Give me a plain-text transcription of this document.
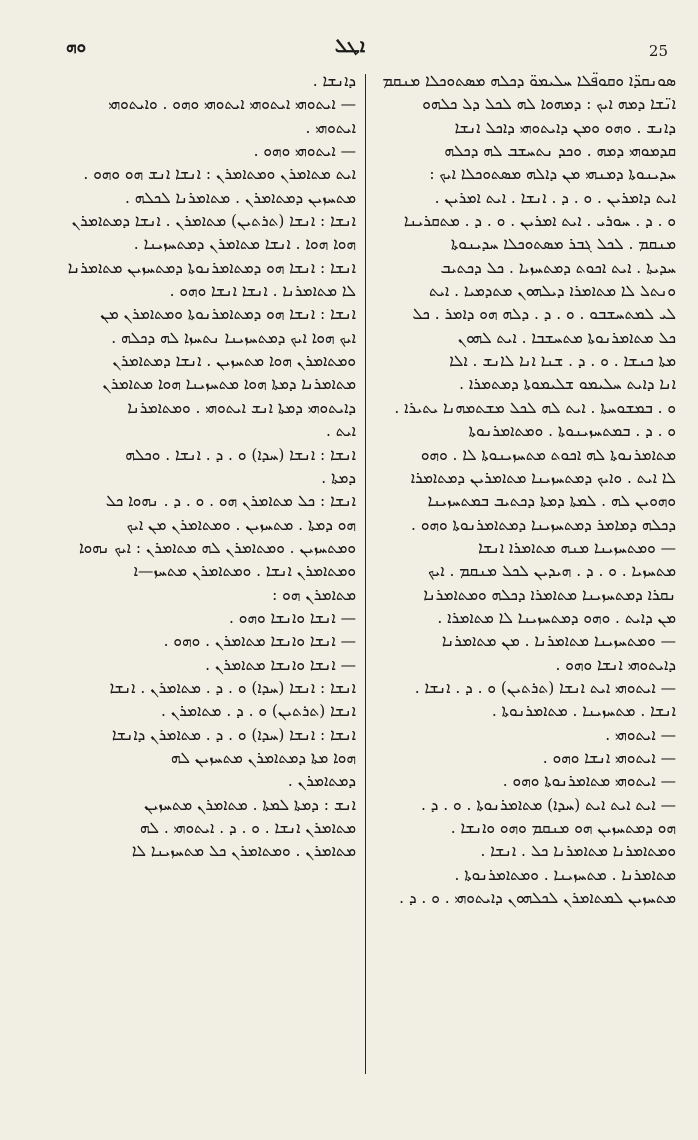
ܘܗ	ܐܛܠ	25

ܣܘܢܩܕ̈ܐ ܘܩܘܦ̈ܠܐ ܚܠܝܡܘ̈ ܕܟܠܗ ܡܣܬܘܟܠܐ ܡܢܩܡ

ܐܢ̈ܫܐ ܕܡܗ ܐܝܟ : ܕܡܗܘܐ ܠܗ ܠܟܠ ܕܠ ܟܠܗܘ

ܕܐܢܫ . ܘܗܘ ܘܡܢ ܕܐܝܬܘܗܝ ܕܐܟܠ ܐܢܫܐ

ܩܕܡܘܗܝ ܕܡܗ . ܘܟܕ ܢܬܚܫܒ ܠܗ ܕܟܠܗ

ܚܕܝܢܘܬܐ ܕܡܢܗܝ ܡܢ ܕܐܠܗ ܡܣܬܘܟܠܐ ܐܝܟ :

ܐܝܬ ܕܐܡܪܝܢ . ܘ . ܕ . ܐܢܫܐ . ܐܝܬ ܐܡܪܝܢ .

ܘ . ܕ . ܚܘܪܝ . ܐܝܬ ܐܡܪܝܢ . ܘ . ܕ . ܡܬܩܪܝܢܐ

ܡܢܩܡ . ܠܟܠ ܓܒܪ ܡܣܬܘܟܠܐ ܚܕܝܢܘܬܐ

ܚܕܝܬܐ . ܐܝܬ ܐܟܘܬ ܕܡܬܚܙܝܐ . ܟܠ ܕܟܬܝܒ

ܘܢܬܠ ܠܐ ܡܬܐܡܪܐ ܕܝܠܗܘܢ ܡܬܕܡܝܐ . ܐܝܬ

ܠܝ ܠܡܬܚܫܒܘ . ܘ . ܕ . ܕܠܗ ܗܘ ܕܐܡܪ . ܟܠ

ܟܠ ܡܬܐܡܪܢܘܬܐ ܡܬܚܫܒܐ . ܐܝܬ ܠܗܘܢ

ܡܬܐ ܟܢܫܐ . ܘ . ܕ . ܫܢܐ ܐܢܐ ܠܐܢܫ . ܐܠܐ

ܐܢܐ ܕܐܝܬ ܚܠܝܡܘ ܫܠܝܡܘܬܐ ܕܡܬܡܪܐ .

ܘ . ܒܡܫܘܚܬܐ . ܐܝܬ ܠܗ ܠܟܠ ܡܫܬܡܗܢܐ ܝܬܝܪܐ .

ܘ . ܕ . ܒܡܬܚܙܝܢܘܬܐ . ܘܡܬܐܡܪܢܘܬܐ

ܡܬܐܡܪܢܘܬܐ ܠܗ ܐܟܘܬ ܡܬܚܙܝܢܘܬܐ ܠܐ . ܘܗܘ

ܠܐ ܐܝܬ . ܘܐܝܟ ܕܡܬܚܙܝܢܐ ܡܬܐܡܪܝܢ ܕܡܬܐܡܪܐ

ܘܗܘܝܢ ܠܗ . ܠܡܬܐ ܕܡܬܐ ܕܟܬܝܒ ܒܡܬܚܙܝܢܐ

ܕܟܠܗ ܕܡܐܡܪ ܕܡܬܚܙܝܢܐ ܕܡܬܐܡܪܢܘܬܐ ܘܗܘ .

— ܘܡܬܚܙܝܢܐ ܡܢܗ ܡܬܐܡܪܐ ܐܢܫܐ

ܡܬܚܙܝܐ . ܘ . ܕ . ܗܝܕܝܢ ܠܟܠ ܡܢܩܡ . ܐܝܟ

ܢܩܪܐ ܕܡܬܚܙܝܢܐ ܡܬܐܡܪܐ ܕܟܠܗ ܘܡܬܐܡܪܢܐ

ܡܢ ܕܐܝܬ . ܘܗܘ ܕܡܬܚܙܝܢܐ ܠܐ ܡܬܐܡܪܐ .

— ܘܡܬܚܙܝܢܐ ܡܬܐܡܪܢܐ . ܡܢ ܡܬܐܡܪܢܐ

ܕܐܝܬܘܗܝ ܐܢܫܐ ܘܗܘ .

— ܐܝܬܘܗܝ ܐܝܬ ܐܢܫܐ (ܬܪܬܝܢ) ܘ . ܕ . ܐܢܫܐ .

ܐܢܫܐ . ܡܬܚܙܝܢܐ . ܡܬܐܡܪܢܘܬܐ .

— ܐܝܬܘܗܝ .

— ܐܝܬܘܗܝ ܐܢܫܐ ܘܗܘ .

— ܐܝܬܘܗܝ ܡܬܐܡܪܢܘܬܐ ܘܗܘ .

— ܐܝܬ ܐܝܬ ܐܝܬ (ܚܕܐ) ܡܬܐܡܪܢܘܬܐ . ܘ . ܕ .

ܗܘ ܕܡܬܚܙܝܢ ܗܘ ܡܢܩܡ ܘܗܘ ܘܐܢܫܐ .

ܘܡܬܐܡܪܢܐ ܡܬܐܡܪܢܐ ܟܠ . ܐܢܫܐ .

ܡܬܐܡܪܢܐ . ܡܬܚܙܝܢܐ . ܘܡܬܐܡܪܢܘܬܐ .

ܡܬܚܙܝܢ ܠܡܬܐܡܪܢ ܠܟܠܗܘܢ ܕܐܝܬܘܗܝ . ܘ . ܕ .

ܕܐܢܫܐ .

— ܐܝܬܘܗܝ ܐܝܬܘܗܝ ܐܝܬܘܗܝ ܘܗܘ . ܘܐܝܬܘܗܝ

ܐܝܬܘܗܝ .

— ܐܝܬܘܗܝ ܘܗܘ .

ܐܝܬ ܡܬܐܡܪܢ ܘܡܬܐܡܪܢ : ܐܢܫܐ ܐܢܫ ܗܘ ܘܗܘ .

ܡܬܚܙܝܢ ܕܡܬܐܡܪܢ . ܡܬܐܡܪܢܐ ܠܟܠܗ .

ܐܢܫܐ : ܐܢܫܐ (ܬܪܬܝܢ) ܡܬܐܡܪܢ . ܐܢܫܐ ܕܡܬܐܡܪܢ

ܗܘܐ ܗܘܐ . ܐܢܫܐ ܡܬܐܡܪܢ ܕܡܬܚܙܝܢܐ .

ܐܢܫܐ : ܐܢܫܐ ܗܘ ܕܡܬܐܡܪܢܘܬܐ ܕܡܬܚܙܝܢ ܡܬܐܡܪܢܐ

ܠܐ ܡܬܐܡܪܢܐ . ܐܢܫܐ ܐܢܫܐ ܘܗܘ .

ܐܢܫܐ : ܐܢܫܐ ܗܘ ܕܡܬܐܡܪܢܘܬܐ ܘܡܬܐܡܪܢ ܡܢ

ܐܝܟ ܗܘܐ ܐܝܟ ܕܡܬܚܙܝܢܐ ܢܬܚܙܐ ܠܗ ܕܟܠܗ .

ܘܡܬܐܡܪܢ ܗܘܐ ܡܬܚܙܝܢ . ܐܢܫܐ ܕܡܬܐܡܪܢ

ܡܬܐܡܪܢܐ ܕܡܬܐ ܗܘܐ ܡܬܚܙܝܢܐ ܗܘܐ ܡܬܐܡܪܢ

ܕܐܝܬܘܗܝ ܕܡܬܐ ܐܢܫ ܐܝܬܘܗܝ . ܘܡܬܐܡܪܢܐ

ܐܝܬ .

ܐܢܫܐ : ܐܢܫܐ (ܚܕܐ) ܘ . ܕ . ܐܢܫܐ . ܘܟܠܗ

ܕܡܬܐ .

ܐܢܫܐ : ܟܠ ܡܬܐܡܪܢ ܗܘ . ܘ . ܕ . ܢܗܘܐ ܟܠ

ܗܘ ܕܡܬܐ . ܡܬܚܙܝܢ . ܘܡܬܐܡܪܢ ܡܢ ܐܝܟ

ܘܡܬܚܙܝܢ . ܘܡܬܐܡܪܢ ܠܗ ܡܬܐܡܪܢ : ܐܝܟ ܢܗܘܐ

ܘܡܬܐܡܪܢ ܐܢܫܐ . ܘܡܬܐܡܪܢ ܡܬܚܙ—ܐ

ܡܬܐܡܪܢ ܗܘ :

— ܐܢܫܐ ܘܐܢܫܐ ܘܗܘ .

— ܐܢܫܐ ܘܐܢܫܐ ܡܬܐܡܪܢ . ܘܗܘ .

— ܐܢܫܐ ܘܐܢܫܐ ܡܬܐܡܪܢ .

ܐܢܫܐ : ܐܢܫܐ (ܚܕܐ) ܘ . ܕ . ܡܬܐܡܪܢ . ܐܢܫܐ

ܐܢܫܐ (ܬܪܬܝܢ) ܘ . ܕ . ܡܬܐܡܪܢ .

ܐܢܫܐ : ܐܢܫܐ (ܚܕܐ) ܘ . ܕ . ܡܬܐܡܪܢ ܕܐܢܫܐ

ܗܘܐ ܡܬܐ ܕܡܬܐܡܪܢ ܡܬܚܙܝܢ ܠܗ

ܕܡܬܐܡܪܢ .

ܐܢܫ : ܕܡܬܐ ܠܡܬܐ . ܡܬܐܡܪܢ ܡܬܚܙܝܢ

ܡܬܐܡܪܢ ܐܢܫܐ . ܘ . ܕ . ܐܝܬܘܗܝ . ܠܗ

ܡܬܐܡܪܢ . ܘܡܬܐܡܪܢ ܟܠ ܡܬܚܙܝܢܐ ܠܐ
